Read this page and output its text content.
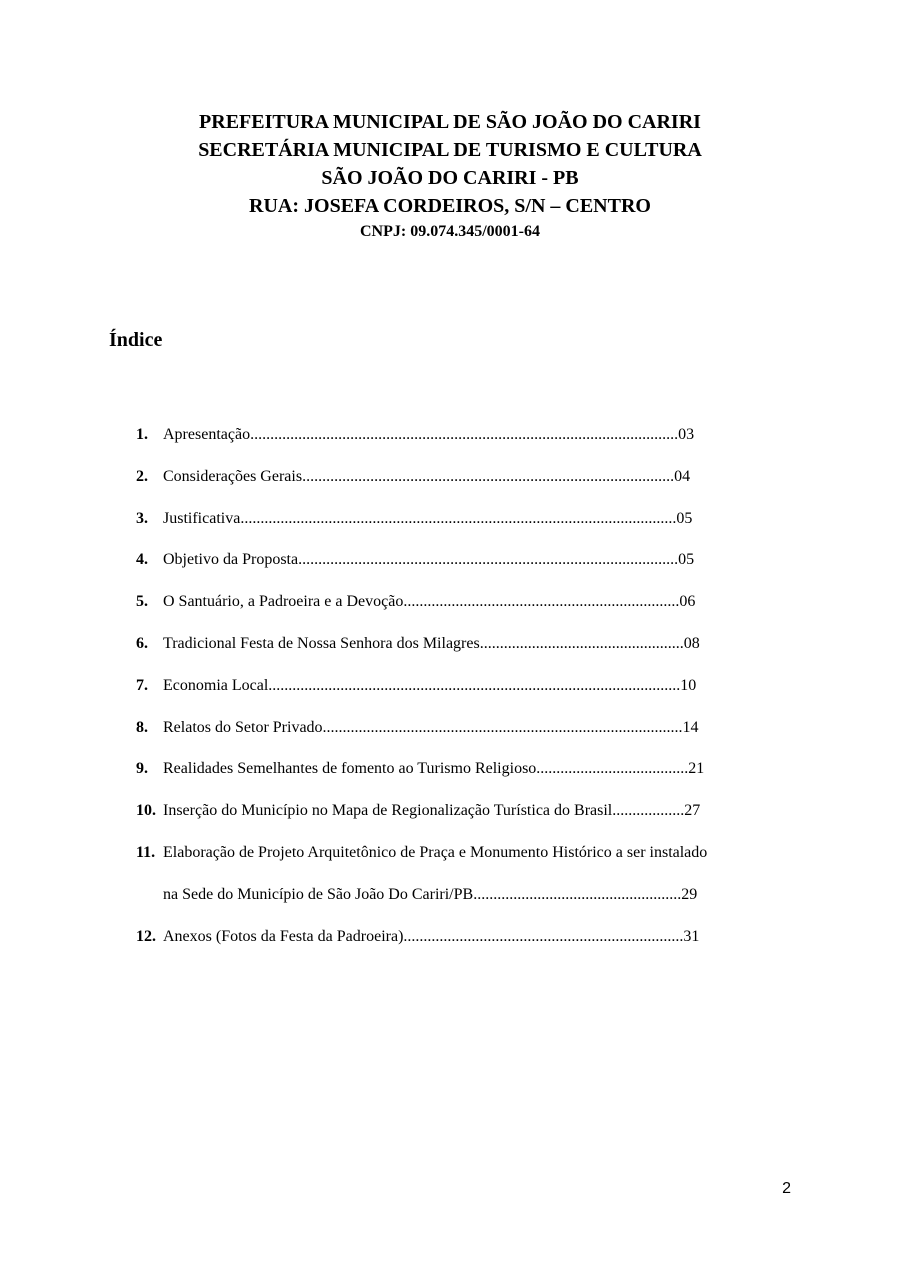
PREFEITURA MUNICIPAL DE SÃO JOÃO DO CARIRI
SECRETÁRIA MUNICIPAL DE TURISMO E CULTURA
SÃO JOÃO DO CARIRI - PB
RUA: JOSEFA CORDEIROS, S/N – CENTRO
CNPJ: 09.074.345/0001-64
Índice
1. Apresentação...........................................................................................................03
2. Considerações Gerais.............................................................................................04
3. Justificativa.............................................................................................................05
4. Objetivo da Proposta...............................................................................................05
5. O Santuário, a Padroeira e a Devoção.....................................................................06
6. Tradicional Festa de Nossa Senhora dos Milagres...................................................08
7. Economia Local.......................................................................................................10
8. Relatos do Setor Privado..........................................................................................14
9. Realidades Semelhantes de fomento ao Turismo Religioso......................................21
10. Inserção do Município no Mapa de Regionalização Turística do Brasil..................27
11. Elaboração de Projeto Arquitetônico de Praça e Monumento Histórico a ser instalado
na Sede do Município de São João Do Cariri/PB....................................................29
12. Anexos (Fotos da Festa da Padroeira)......................................................................31
2
